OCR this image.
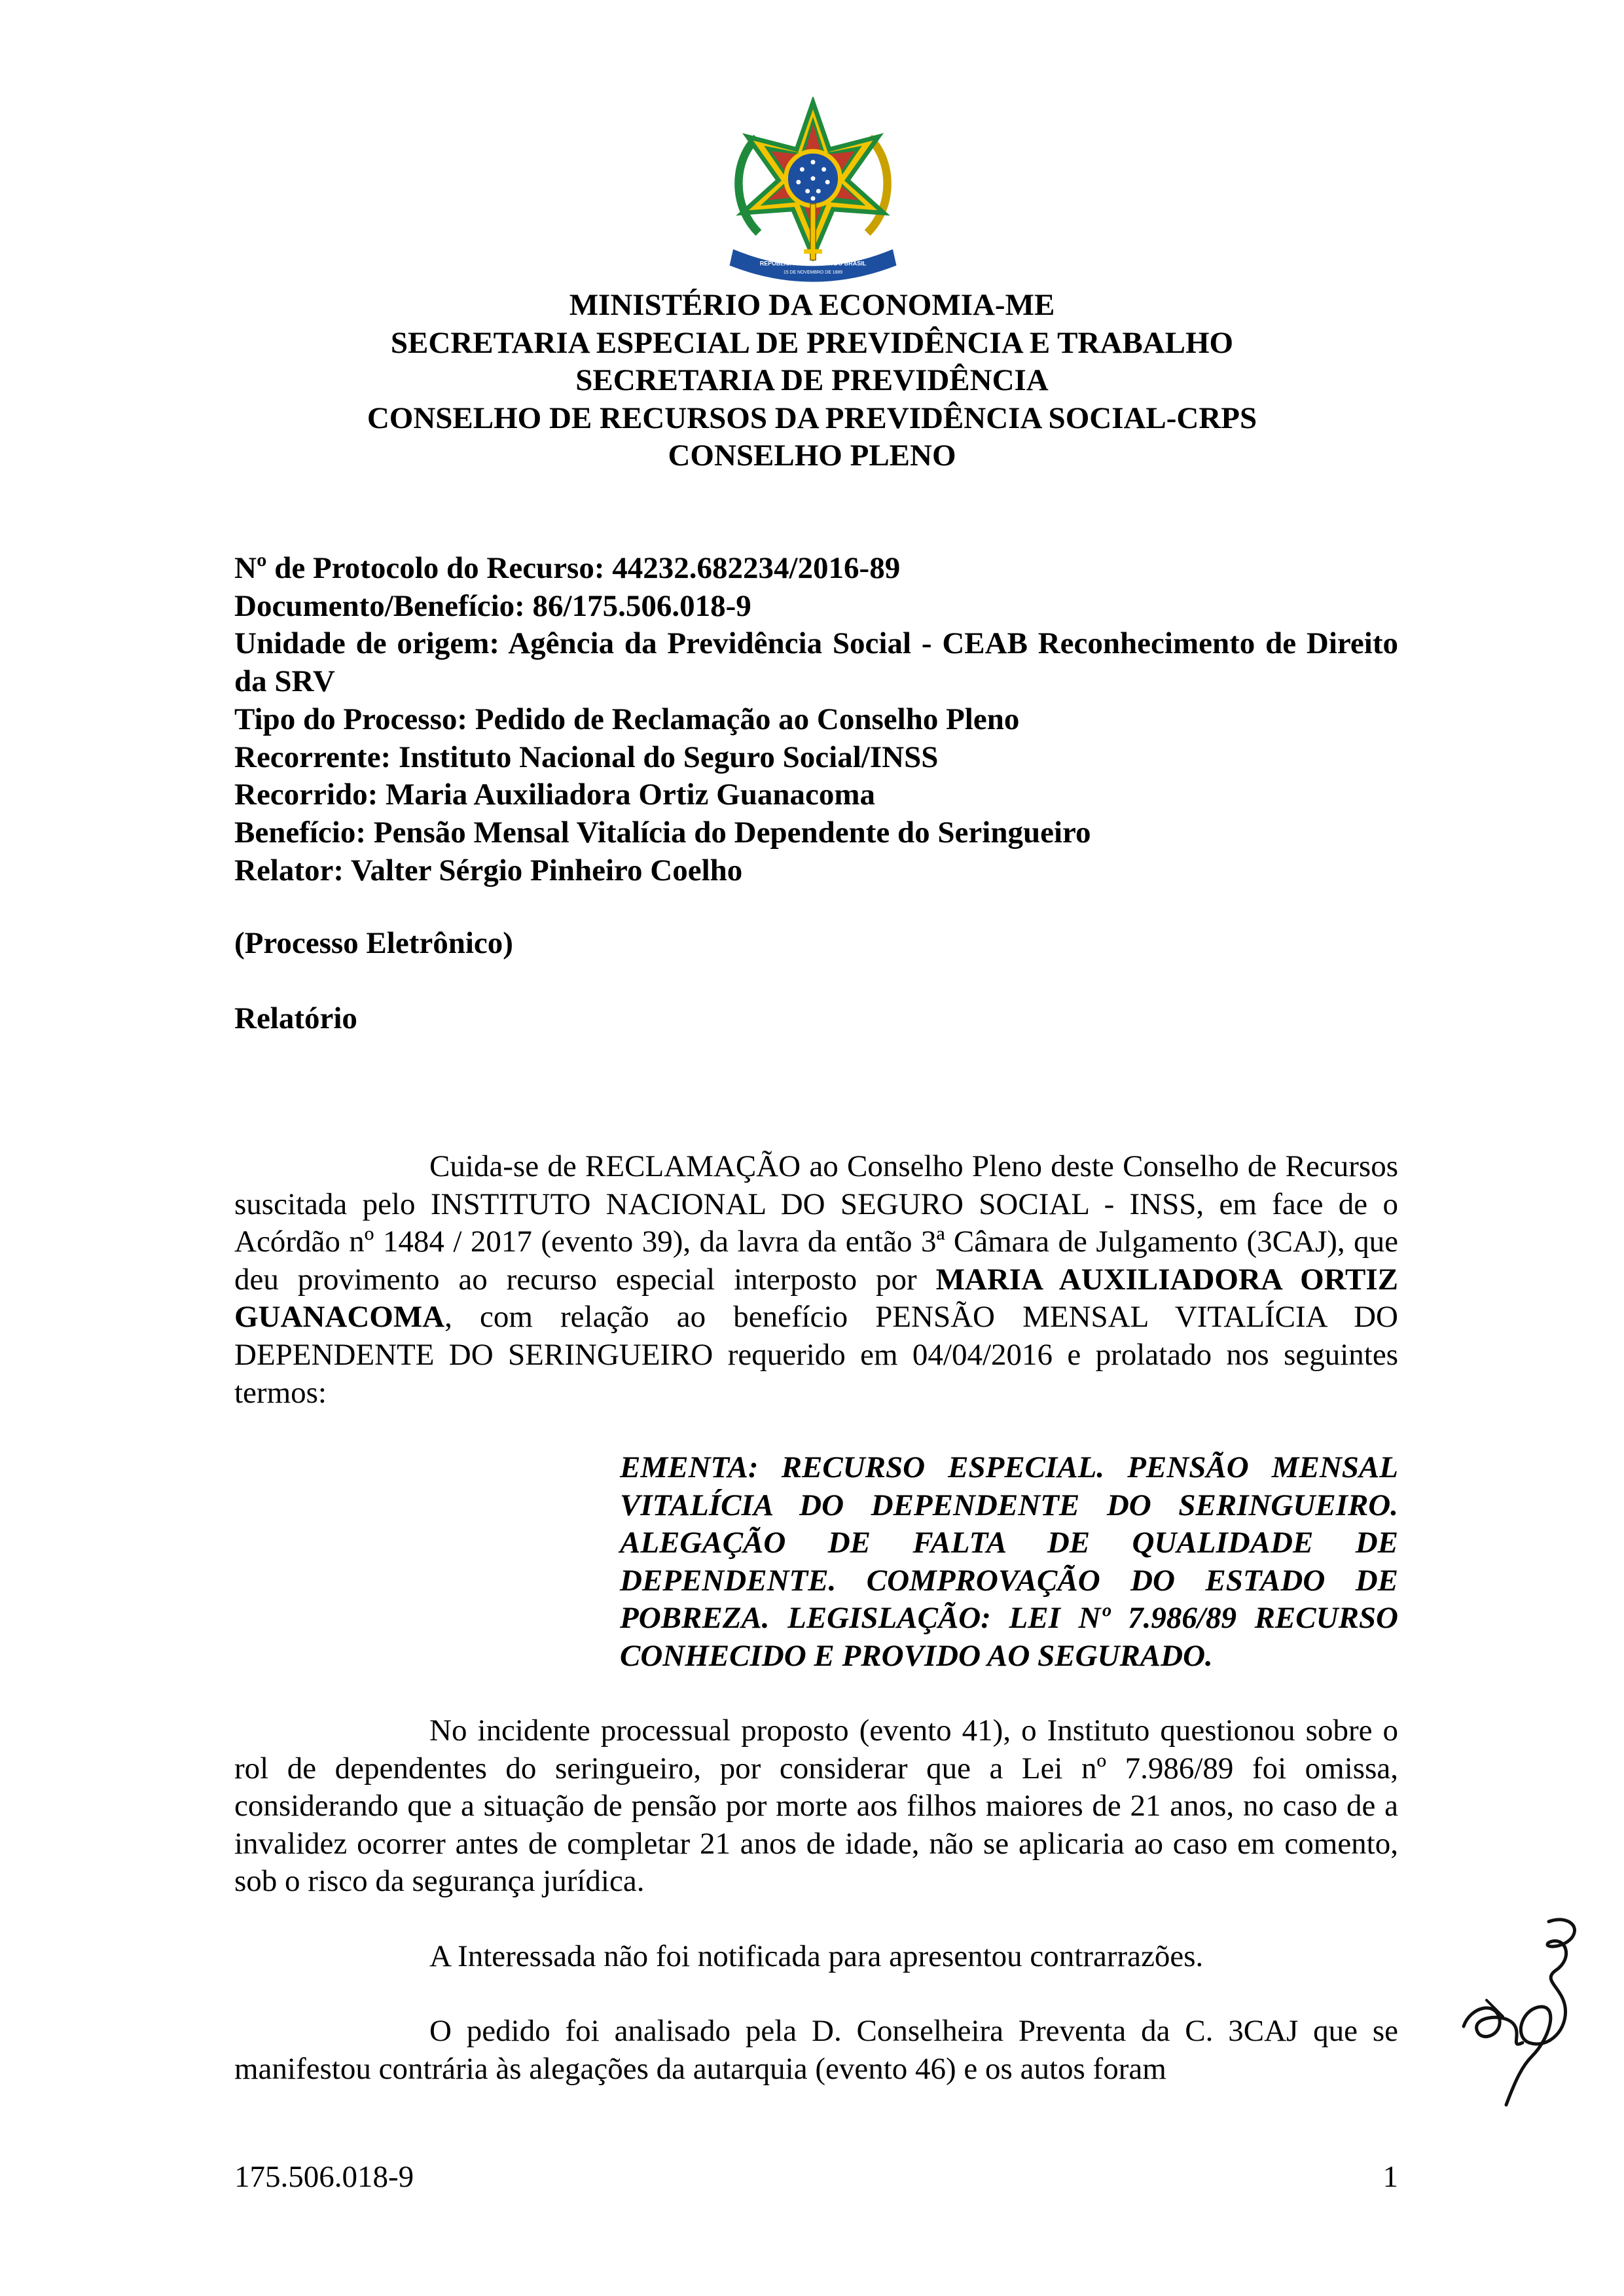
REPÚBLICA FEDERATIVA DO BRASIL
15 DE NOVEMBRO DE 1889
MINISTÉRIO DA ECONOMIA-ME
SECRETARIA ESPECIAL DE PREVIDÊNCIA E TRABALHO
SECRETARIA DE PREVIDÊNCIA
CONSELHO DE RECURSOS DA PREVIDÊNCIA SOCIAL-CRPS
CONSELHO PLENO
Nº de Protocolo do Recurso: 44232.682234/2016-89
Documento/Benefício: 86/175.506.018-9
Unidade de origem: Agência da Previdência Social - CEAB Reconhecimento de Direito da SRV
Tipo do Processo: Pedido de Reclamação ao Conselho Pleno
Recorrente: Instituto Nacional do Seguro Social/INSS
Recorrido: Maria Auxiliadora Ortiz Guanacoma
Benefício: Pensão Mensal Vitalícia do Dependente do Seringueiro
Relator: Valter Sérgio Pinheiro Coelho
(Processo Eletrônico)
Relatório

Cuida-se de RECLAMAÇÃO ao Conselho Pleno deste Conselho de Recursos suscitada pelo INSTITUTO NACIONAL DO SEGURO SOCIAL - INSS, em face de o Acórdão nº 1484 / 2017 (evento 39), da lavra da então 3ª Câmara de Julgamento (3CAJ), que deu provimento ao recurso especial interposto por MARIA AUXILIADORA ORTIZ GUANACOMA, com relação ao benefício PENSÃO MENSAL VITALÍCIA DO DEPENDENTE DO SERINGUEIRO requerido em 04/04/2016 e prolatado nos seguintes termos:

EMENTA: RECURSO ESPECIAL. PENSÃO MENSAL VITALÍCIA DO DEPENDENTE DO SERINGUEIRO. ALEGAÇÃO DE FALTA DE QUALIDADE DE DEPENDENTE. COMPROVAÇÃO DO ESTADO DE POBREZA. LEGISLAÇÃO: LEI Nº 7.986/89 RECURSO CONHECIDO E PROVIDO AO SEGURADO.

No incidente processual proposto (evento 41), o Instituto questionou sobre o rol de dependentes do seringueiro, por considerar que a Lei nº 7.986/89 foi omissa, considerando que a situação de pensão por morte aos filhos maiores de 21 anos, no caso de a invalidez ocorrer antes de completar 21 anos de idade, não se aplicaria ao caso em comento, sob o risco da segurança jurídica.

A Interessada não foi notificada para apresentou contrarrazões.

O pedido foi analisado pela D. Conselheira Preventa da C. 3CAJ que se manifestou contrária às alegações da autarquia (evento 46) e os autos foram

175.506.018-9	1
